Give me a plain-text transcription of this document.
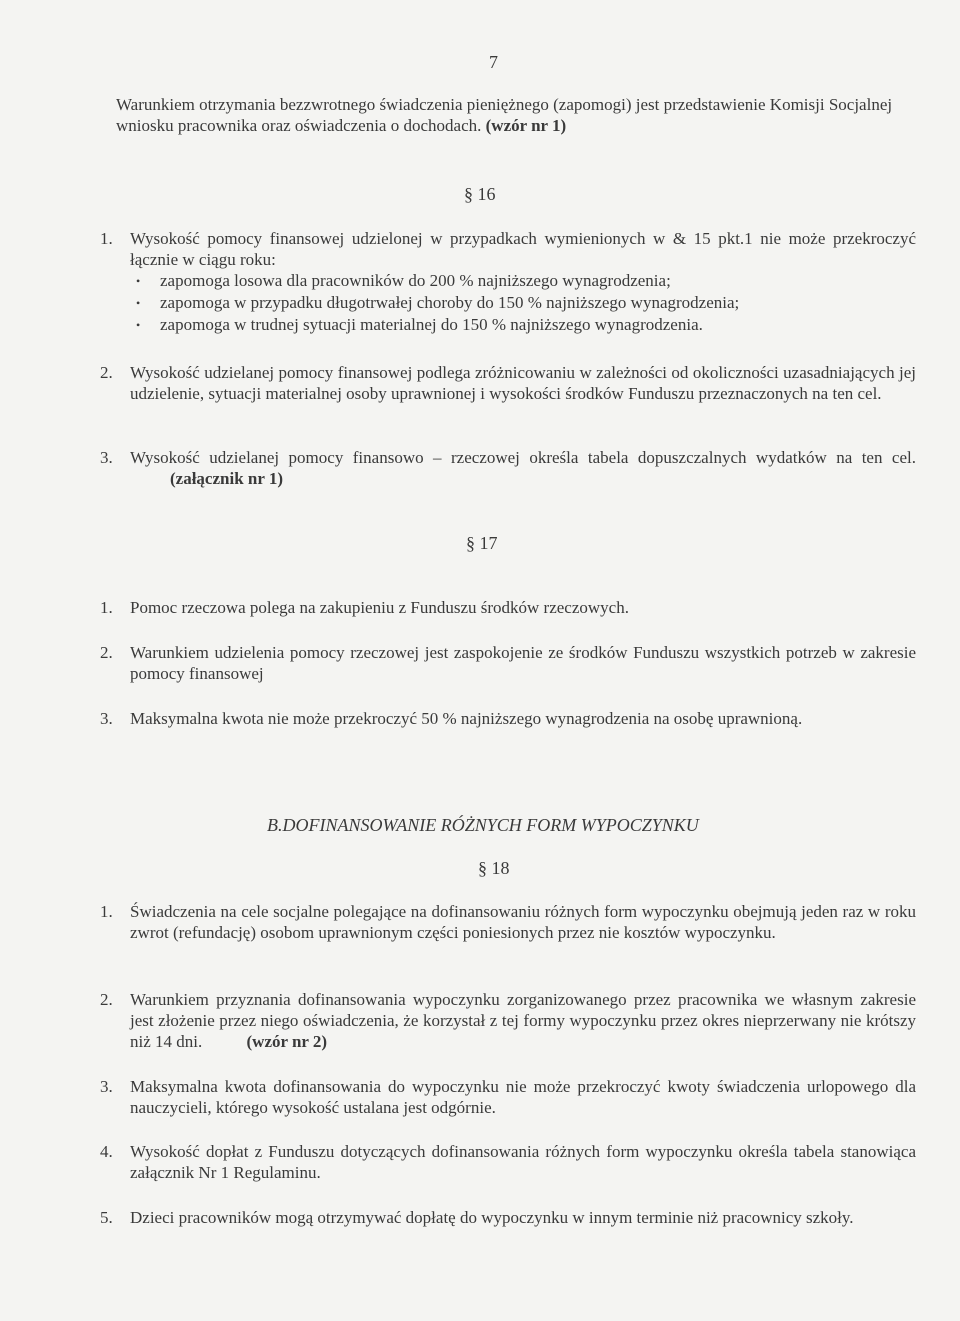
7
Warunkiem otrzymania bezzwrotnego świadczenia pieniężnego (zapomogi) jest przedstawienie Komisji Socjalnej wniosku pracownika oraz oświadczenia o dochodach. (wzór nr 1)
§ 16
1. Wysokość pomocy finansowej udzielonej w przypadkach wymienionych w & 15 pkt.1 nie może przekroczyć łącznie w ciągu roku:
• zapomoga losowa dla pracowników do 200 % najniższego wynagrodzenia;
• zapomoga w przypadku długotrwałej choroby do 150 % najniższego wynagrodzenia;
• zapomoga w trudnej sytuacji materialnej do 150 % najniższego wynagrodzenia.
2. Wysokość udzielanej pomocy finansowej podlega zróżnicowaniu w zależności od okoliczności uzasadniających jej udzielenie, sytuacji materialnej osoby uprawnionej i wysokości środków Funduszu przeznaczonych na ten cel.
3. Wysokość udzielanej pomocy finansowo – rzeczowej określa tabela dopuszczalnych wydatków na ten cel. (załącznik nr 1)
§ 17
1. Pomoc rzeczowa polega na zakupieniu z Funduszu środków rzeczowych.
2. Warunkiem udzielenia pomocy rzeczowej jest zaspokojenie ze środków Funduszu wszystkich potrzeb w zakresie pomocy finansowej
3. Maksymalna kwota nie może przekroczyć 50 % najniższego wynagrodzenia na osobę uprawnioną.
B.DOFINANSOWANIE RÓŻNYCH FORM WYPOCZYNKU
§ 18
1. Świadczenia na cele socjalne polegające na dofinansowaniu różnych form wypoczynku obejmują jeden raz w roku zwrot (refundację) osobom uprawnionym części poniesionych przez nie kosztów wypoczynku.
2. Warunkiem przyznania dofinansowania wypoczynku zorganizowanego przez pracownika we własnym zakresie jest złożenie przez niego oświadczenia, że korzystał z tej formy wypoczynku przez okres nieprzerwany nie krótszy niż 14 dni.	(wzór nr 2)
3. Maksymalna kwota dofinansowania do wypoczynku nie może przekroczyć kwoty świadczenia urlopowego dla nauczycieli, którego wysokość ustalana jest odgórnie.
4. Wysokość dopłat z Funduszu dotyczących dofinansowania różnych form wypoczynku określa tabela stanowiąca załącznik Nr 1 Regulaminu.
5. Dzieci pracowników mogą otrzymywać dopłatę do wypoczynku w innym terminie niż pracownicy szkoły.
